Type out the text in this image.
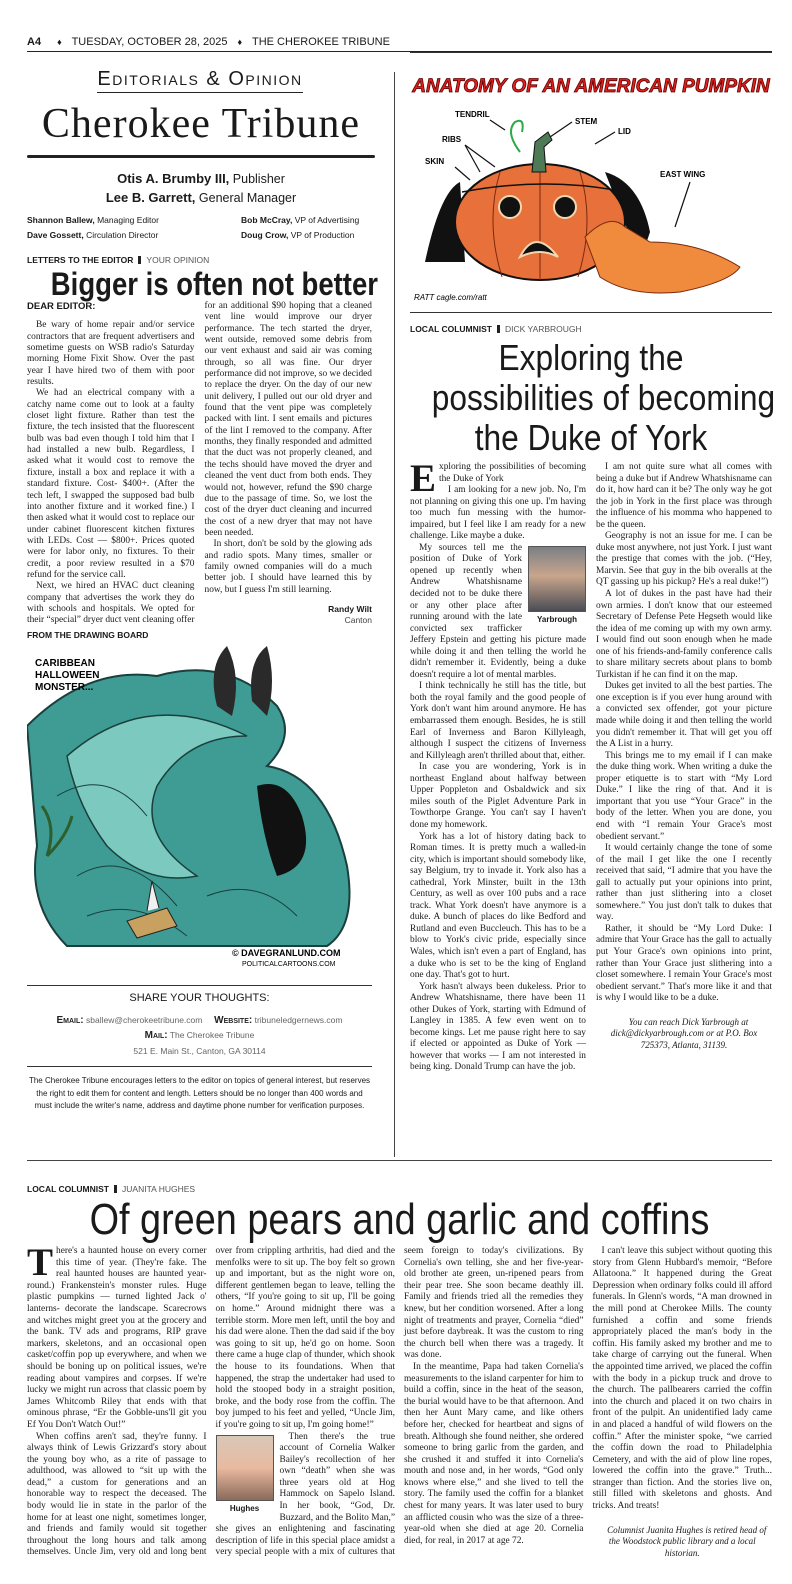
A4 ♦ TUESDAY, OCTOBER 28, 2025 ♦ THE CHEROKEE TRIBUNE
Editorials & Opinion
Cherokee Tribune
Otis A. Brumby III, Publisher
Lee B. Garrett, General Manager
Shannon Ballew, Managing Editor
Dave Gossett, Circulation Director
Bob McCray, VP of Advertising
Doug Crow, VP of Production
LETTERS TO THE EDITOR YOUR OPINION
Bigger is often not better

DEAR EDITOR:

Be wary of home repair and/or service contractors that are frequent advertisers and sometime guests on WSB radio's Saturday morning Home Fixit Show. Over the past year I have hired two of them with poor results.

We had an electrical company with a catchy name come out to look at a faulty closet light fixture. Rather than test the fixture, the tech insisted that the fluorescent bulb was bad even though I told him that I had installed a new bulb. Regardless, I asked what it would cost to remove the fixture, install a box and replace it with a standard fixture. Cost- $400+. (After the tech left, I swapped the supposed bad bulb into another fixture and it worked fine.) I then asked what it would cost to replace our under cabinet fluorescent kitchen fixtures with LEDs. Cost — $800+. Prices quoted were for labor only, no fixtures. To their credit, a poor review resulted in a $70 refund for the service call.

Next, we hired an HVAC duct cleaning company that advertises the work they do with schools and hospitals. We opted for their “special” dryer duct vent cleaning offer for an additional $90 hoping that a cleaned vent line would improve our dryer performance. The tech started the dryer, went outside, removed some debris from our vent exhaust and said air was coming through, so all was fine. Our dryer performance did not improve, so we decided to replace the dryer. On the day of our new unit delivery, I pulled out our old dryer and found that the vent pipe was completely packed with lint. I sent emails and pictures of the lint I removed to the company. After months, they finally responded and admitted that the duct was not properly cleaned, and the techs should have moved the dryer and cleaned the vent duct from both ends. They would not, however, refund the $90 charge due to the passage of time. So, we lost the cost of the dryer duct cleaning and incurred the cost of a new dryer that may not have been needed.

In short, don't be sold by the glowing ads and radio spots. Many times, smaller or family owned companies will do a much better job. I should have learned this by now, but I guess I'm still learning.

Randy Wilt

Canton

FROM THE DRAWING BOARD
CARIBBEAN HALLOWEEN MONSTER...
© DAVEGRANLUND.COM
POLITICALCARTOONS.COM
SHARE YOUR THOUGHTS:
Email: sballew@cherokeetribune.com Website: tribuneledgernews.com
Mail: The Cherokee Tribune
521 E. Main St., Canton, GA 30114
The Cherokee Tribune encourages letters to the editor on topics of general interest, but reserves the right to edit them for content and length. Letters should be no longer than 400 words and must include the writer's name, address and daytime phone number for verification purposes.
ANATOMY OF AN AMERICAN PUMPKIN
TENDRIL
STEM
LID
RIBS
SKIN
EAST WING
RATT cagle.com/ratt
LOCAL COLUMNIST DICK YARBROUGH
Exploring the
possibilities of becoming
the Duke of York

Exploring the possibilities of becoming the Duke of York

I am looking for a new job. No, I'm not planning on giving this one up. I'm having too much fun messing with the humor-impaired, but I feel like I am ready for a new challenge. Like maybe a duke.

Yarbrough

My sources tell me the position of Duke of York opened up recently when Andrew Whatshisname decided not to be duke there or any other place after running around with the late convicted sex trafficker Jeffery Epstein and getting his picture made while doing it and then telling the world he didn't remember it. Evidently, being a duke doesn't require a lot of mental marbles.

I think technically he still has the title, but both the royal family and the good people of York don't want him around anymore. He has embarrassed them enough. Besides, he is still Earl of Inverness and Baron Killyleagh, although I suspect the citizens of Inverness and Killyleagh aren't thrilled about that, either.

In case you are wondering, York is in northeast England about halfway between Upper Poppleton and Osbaldwick and six miles south of the Piglet Adventure Park in Towthorpe Grange. You can't say I haven't done my homework.

York has a lot of history dating back to Roman times. It is pretty much a walled-in city, which is important should somebody like, say Belgium, try to invade it. York also has a cathedral, York Minster, built in the 13th Century, as well as over 100 pubs and a race track. What York doesn't have anymore is a duke. A bunch of places do like Bedford and Rutland and even Buccleuch. This has to be a blow to York's civic pride, especially since Wales, which isn't even a part of England, has a duke who is set to be the king of England one day. That's got to hurt.

York hasn't always been dukeless. Prior to Andrew Whatshisname, there have been 11 other Dukes of York, starting with Edmund of Langley in 1385. A few even went on to become kings. Let me pause right here to say if elected or appointed as Duke of York — however that works — I am not interested in being king. Donald Trump can have the job.

I am not quite sure what all comes with being a duke but if Andrew Whatshisname can do it, how hard can it be? The only way he got the job in York in the first place was through the influence of his momma who happened to be the queen.

Geography is not an issue for me. I can be duke most anywhere, not just York. I just want the prestige that comes with the job. (“Hey, Marvin. See that guy in the bib overalls at the QT gassing up his pickup? He's a real duke!”)

A lot of dukes in the past have had their own armies. I don't know that our esteemed Secretary of Defense Pete Hegseth would like the idea of me coming up with my own army. I would find out soon enough when he made one of his friends-and-family conference calls to share military secrets about plans to bomb Turkistan if he can find it on the map.

Dukes get invited to all the best parties. The one exception is if you ever hung around with a convicted sex offender, got your picture made while doing it and then telling the world you didn't remember it. That will get you off the A List in a hurry.

This brings me to my email if I can make the duke thing work. When writing a duke the proper etiquette is to start with “My Lord Duke.” I like the ring of that. And it is important that you use “Your Grace” in the body of the letter. When you are done, you end with “I remain Your Grace's most obedient servant.”

It would certainly change the tone of some of the mail I get like the one I recently received that said, “I admire that you have the gall to actually put your opinions into print, rather than just slithering into a closet somewhere.” You just don't talk to dukes that way.

Rather, it should be “My Lord Duke: I admire that Your Grace has the gall to actually put Your Grace's own opinions into print, rather than Your Grace just slithering into a closet somewhere. I remain Your Grace's most obedient servant.” That's more like it and that is why I would like to be a duke.

You can reach Dick Yarbrough at dick@dickyarbrough.com or at P.O. Box 725373, Atlanta, 31139.

LOCAL COLUMNIST JUANITA HUGHES
Of green pears and garlic and coffins

There's a haunted house on every corner this time of year. (They're fake. The real haunted houses are haunted year-round.) Frankenstein's monster rules. Huge plastic pumpkins — turned lighted Jack o' lanterns- decorate the landscape. Scarecrows and witches might greet you at the grocery and the bank. TV ads and programs, RIP grave markers, skeletons, and an occasional open casket/coffin pop up everywhere, and when we should be boning up on political issues, we're reading about vampires and corpses. If we're lucky we might run across that classic poem by James Whitcomb Riley that ends with that ominous phrase, “Er the Gobble-uns'll git you Ef You Don't Watch Out!”

When coffins aren't sad, they're funny. I always think of Lewis Grizzard's story about the young boy who, as a rite of passage to adulthood, was allowed to “sit up with the dead,” a custom for generations and an honorable way to respect the deceased. The body would lie in state in the parlor of the home for at least one night, sometimes longer, and friends and family would sit together throughout the long hours and talk among themselves. Uncle Jim, very old and long bent over from crippling arthritis, had died and the menfolks were to sit up. The boy felt so grown up and important, but as the night wore on, different gentlemen began to leave, telling the others, “If you're going to sit up, I'll be going on home.” Around midnight there was a terrible storm. More men left, until the boy and his dad were alone. Then the dad said if the boy was going to sit up, he'd go on home. Soon there came a huge clap of thunder, which shook the house to its foundations. When that happened, the strap the undertaker had used to hold the stooped body in a straight position, broke, and the body rose from the coffin. The boy jumped to his feet and yelled, “Uncle Jim, if you're going to sit up, I'm going home!”

Hughes

Then there's the true account of Cornelia Walker Bailey's recollection of her own “death” when she was three years old at Hog Hammock on Sapelo Island. In her book, “God, Dr. Buzzard, and the Bolito Man,” she gives an enlightening and fascinating description of life in this special place amidst a very special people with a mix of cultures that seem foreign to today's civilizations. By Cornelia's own telling, she and her five-year-old brother ate green, un-ripened pears from their pear tree. She soon became deathly ill. Family and friends tried all the remedies they knew, but her condition worsened. After a long night of treatments and prayer, Cornelia “died” just before daybreak. It was the custom to ring the church bell when there was a tragedy. It was done.

In the meantime, Papa had taken Cornelia's measurements to the island carpenter for him to build a coffin, since in the heat of the season, the burial would have to be that afternoon. And then her Aunt Mary came, and like others before her, checked for heartbeat and signs of breath. Although she found neither, she ordered someone to bring garlic from the garden, and she crushed it and stuffed it into Cornelia's mouth and nose and, in her words, “God only knows where else,” and she lived to tell the story. The family used the coffin for a blanket chest for many years. It was later used to bury an afflicted cousin who was the size of a three-year-old when she died at age 20. Cornelia died, for real, in 2017 at age 72.

I can't leave this subject without quoting this story from Glenn Hubbard's memoir, “Before Allatoona.” It happened during the Great Depression when ordinary folks could ill afford funerals. In Glenn's words, “A man drowned in the mill pond at Cherokee Mills. The county furnished a coffin and some friends appropriately placed the man's body in the coffin. His family asked my brother and me to take charge of carrying out the funeral. When the appointed time arrived, we placed the coffin with the body in a pickup truck and drove to the church. The pallbearers carried the coffin into the church and placed it on two chairs in front of the pulpit. An unidentified lady came in and placed a handful of wild flowers on the coffin.” After the minister spoke, “we carried the coffin down the road to Philadelphia Cemetery, and with the aid of plow line ropes, lowered the coffin into the grave.” Truth... stranger than fiction. And the stories live on, still filled with skeletons and ghosts. And tricks. And treats!

Columnist Juanita Hughes is retired head of the Woodstock public library and a local historian.
